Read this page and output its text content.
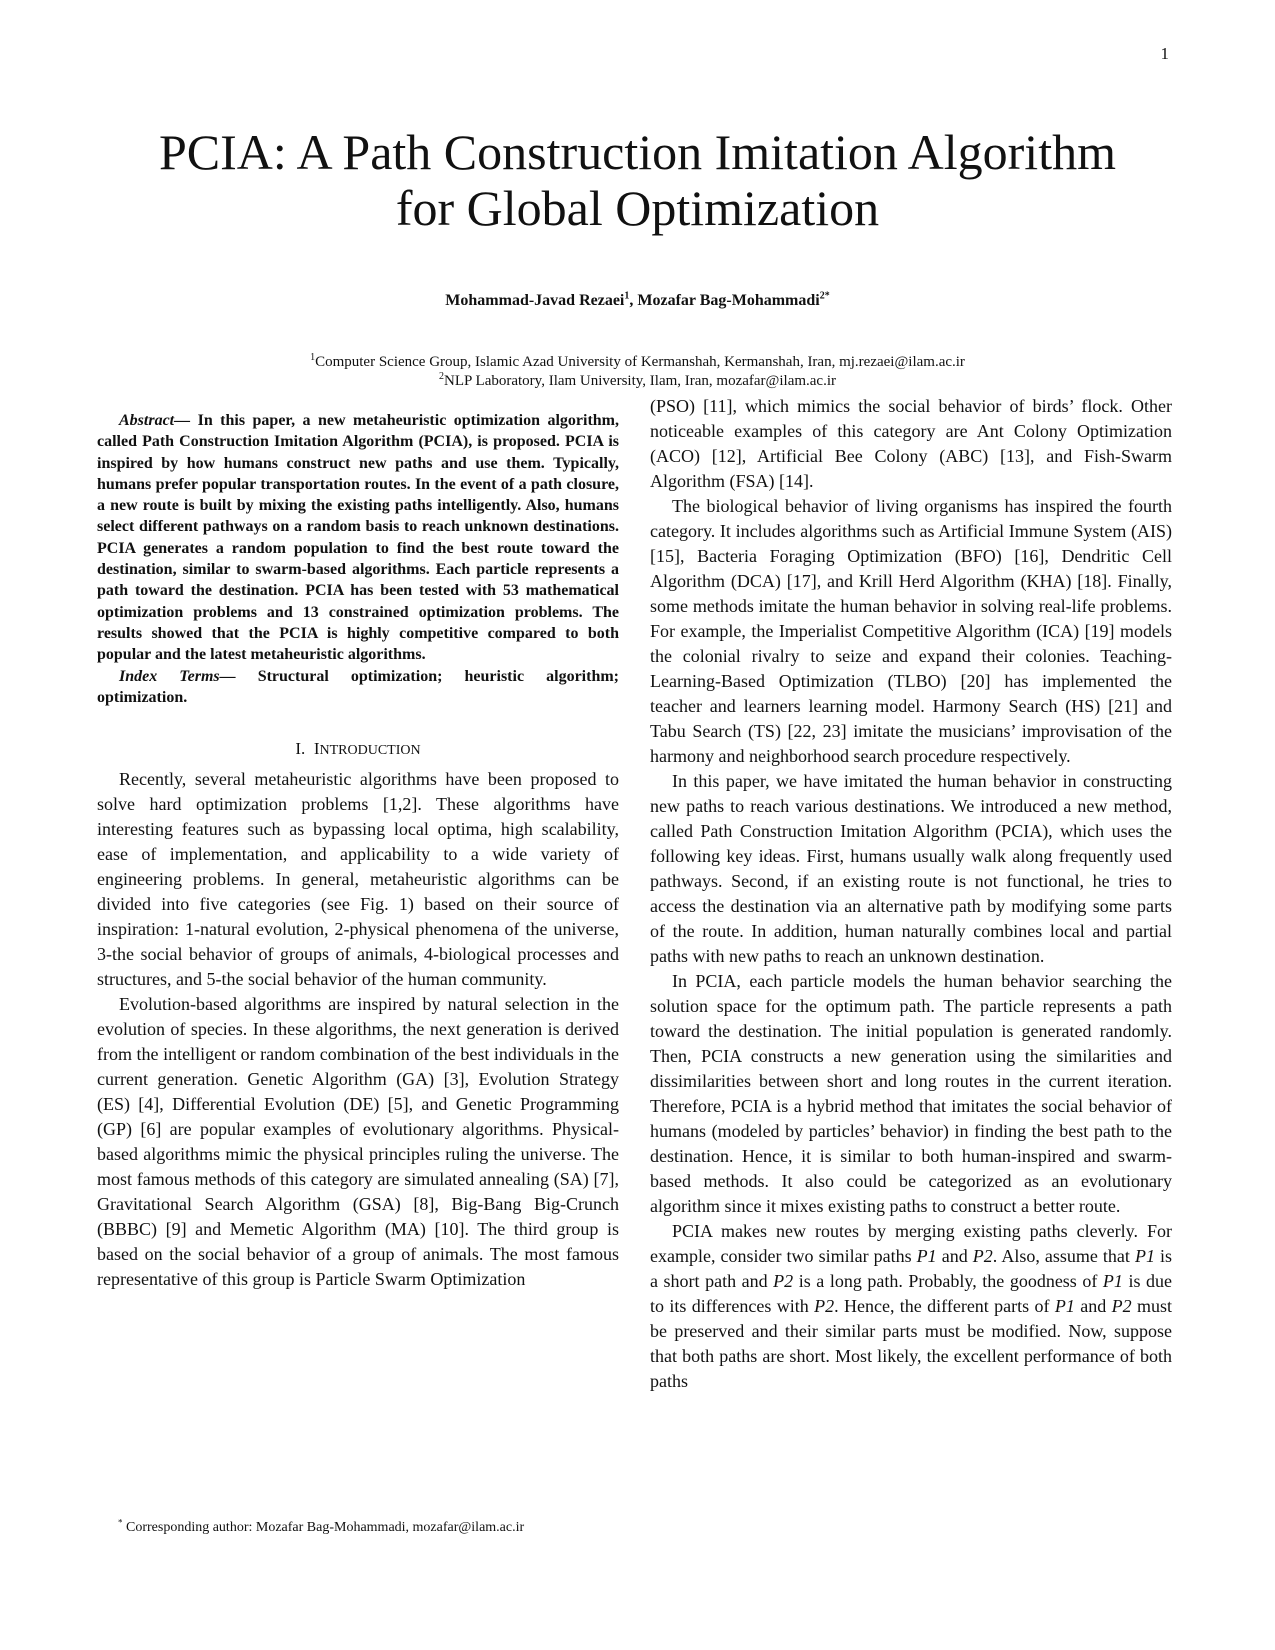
1
PCIA: A Path Construction Imitation Algorithm
for Global Optimization
Mohammad-Javad Rezaei$^1$, Mozafar Bag-Mohammadi$^{2*}$
$^1$Computer Science Group, Islamic Azad University of Kermanshah, Kermanshah, Iran, mj.rezaei@ilam.ac.ir
$^2$NLP Laboratory, Ilam University, Ilam, Iran, mozafar@ilam.ac.ir

Abstract— In this paper, a new metaheuristic optimization algorithm, called Path Construction Imitation Algorithm (PCIA), is proposed. PCIA is inspired by how humans construct new paths and use them. Typically, humans prefer popular transportation routes. In the event of a path closure, a new route is built by mixing the existing paths intelligently. Also, humans select different pathways on a random basis to reach unknown destinations. PCIA generates a random population to find the best route toward the destination, similar to swarm-based algorithms. Each particle represents a path toward the destination. PCIA has been tested with 53 mathematical optimization problems and 13 constrained optimization problems. The results showed that the PCIA is highly competitive compared to both popular and the latest metaheuristic algorithms.

Index Terms— Structural optimization; heuristic algorithm; optimization.

I. INTRODUCTION

Recently, several metaheuristic algorithms have been proposed to solve hard optimization problems [1,2]. These algorithms have interesting features such as bypassing local optima, high scalability, ease of implementation, and applicability to a wide variety of engineering problems. In general, metaheuristic algorithms can be divided into five categories (see Fig. 1) based on their source of inspiration: 1-natural evolution, 2-physical phenomena of the universe, 3-the social behavior of groups of animals, 4-biological processes and structures, and 5-the social behavior of the human community.

Evolution-based algorithms are inspired by natural selection in the evolution of species. In these algorithms, the next generation is derived from the intelligent or random combination of the best individuals in the current generation. Genetic Algorithm (GA) [3], Evolution Strategy (ES) [4], Differential Evolution (DE) [5], and Genetic Programming (GP) [6] are popular examples of evolutionary algorithms. Physical-based algorithms mimic the physical principles ruling the universe. The most famous methods of this category are simulated annealing (SA) [7], Gravitational Search Algorithm (GSA) [8], Big-Bang Big-Crunch (BBBC) [9] and Memetic Algorithm (MA) [10]. The third group is based on the social behavior of a group of animals. The most famous representative of this group is Particle Swarm Optimization

(PSO) [11], which mimics the social behavior of birds’ flock. Other noticeable examples of this category are Ant Colony Optimization (ACO) [12], Artificial Bee Colony (ABC) [13], and Fish-Swarm Algorithm (FSA) [14].

The biological behavior of living organisms has inspired the fourth category. It includes algorithms such as Artificial Immune System (AIS) [15], Bacteria Foraging Optimization (BFO) [16], Dendritic Cell Algorithm (DCA) [17], and Krill Herd Algorithm (KHA) [18]. Finally, some methods imitate the human behavior in solving real-life problems. For example, the Imperialist Competitive Algorithm (ICA) [19] models the colonial rivalry to seize and expand their colonies. Teaching-Learning-Based Optimization (TLBO) [20] has implemented the teacher and learners learning model. Harmony Search (HS) [21] and Tabu Search (TS) [22, 23] imitate the musicians’ improvisation of the harmony and neighborhood search procedure respectively.

In this paper, we have imitated the human behavior in constructing new paths to reach various destinations. We introduced a new method, called Path Construction Imitation Algorithm (PCIA), which uses the following key ideas. First, humans usually walk along frequently used pathways. Second, if an existing route is not functional, he tries to access the destination via an alternative path by modifying some parts of the route. In addition, human naturally combines local and partial paths with new paths to reach an unknown destination.

In PCIA, each particle models the human behavior searching the solution space for the optimum path. The particle represents a path toward the destination. The initial population is generated randomly. Then, PCIA constructs a new generation using the similarities and dissimilarities between short and long routes in the current iteration. Therefore, PCIA is a hybrid method that imitates the social behavior of humans (modeled by particles’ behavior) in finding the best path to the destination. Hence, it is similar to both human-inspired and swarm-based methods. It also could be categorized as an evolutionary algorithm since it mixes existing paths to construct a better route.

PCIA makes new routes by merging existing paths cleverly. For example, consider two similar paths P1 and P2. Also, assume that P1 is a short path and P2 is a long path. Probably, the goodness of P1 is due to its differences with P2. Hence, the different parts of P1 and P2 must be preserved and their similar parts must be modified. Now, suppose that both paths are short. Most likely, the excellent performance of both paths

* Corresponding author: Mozafar Bag-Mohammadi, mozafar@ilam.ac.ir
